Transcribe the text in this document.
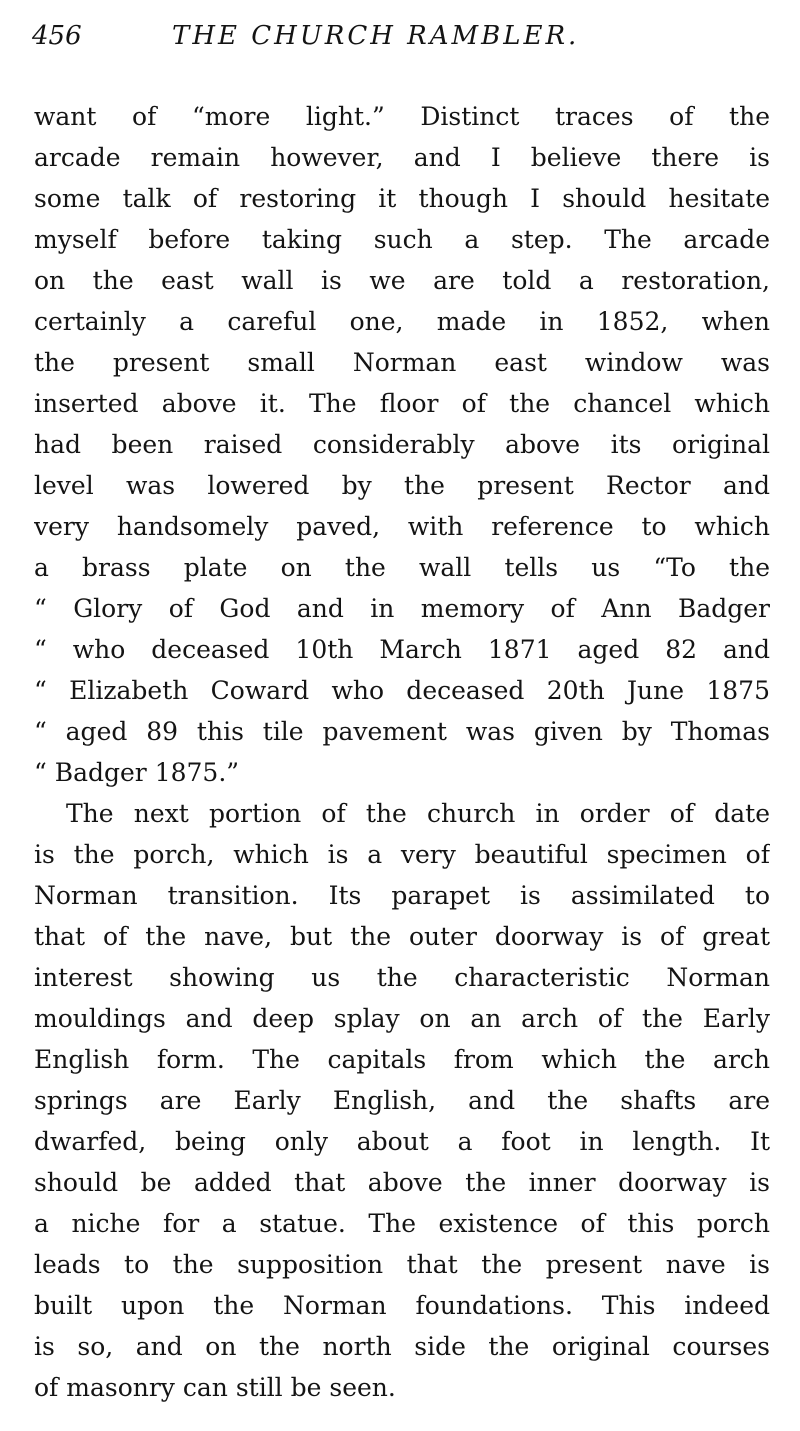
456	THE CHURCH RAMBLER.
want of “more light.” Distinct traces of the
arcade remain however, and I believe there is
some talk of restoring it though I should hesitate
myself before taking such a step. The arcade
on the east wall is we are told a restoration,
certainly a careful one, made in 1852, when
the present small Norman east window was
inserted above it. The floor of the chancel which
had been raised considerably above its original
level was lowered by the present Rector and
very handsomely paved, with reference to which
a brass plate on the wall tells us “To the
“ Glory of God and in memory of Ann Badger
“ who deceased 10th March 1871 aged 82 and
“ Elizabeth Coward who deceased 20th June 1875
“ aged 89 this tile pavement was given by Thomas
“ Badger 1875.”
The next portion of the church in order of date
is the porch, which is a very beautiful specimen of
Norman transition. Its parapet is assimilated to
that of the nave, but the outer doorway is of great
interest showing us the characteristic Norman
mouldings and deep splay on an arch of the Early
English form. The capitals from which the arch
springs are Early English, and the shafts are
dwarfed, being only about a foot in length. It
should be added that above the inner doorway is
a niche for a statue. The existence of this porch
leads to the supposition that the present nave is
built upon the Norman foundations. This indeed
is so, and on the north side the original courses
of masonry can still be seen.
